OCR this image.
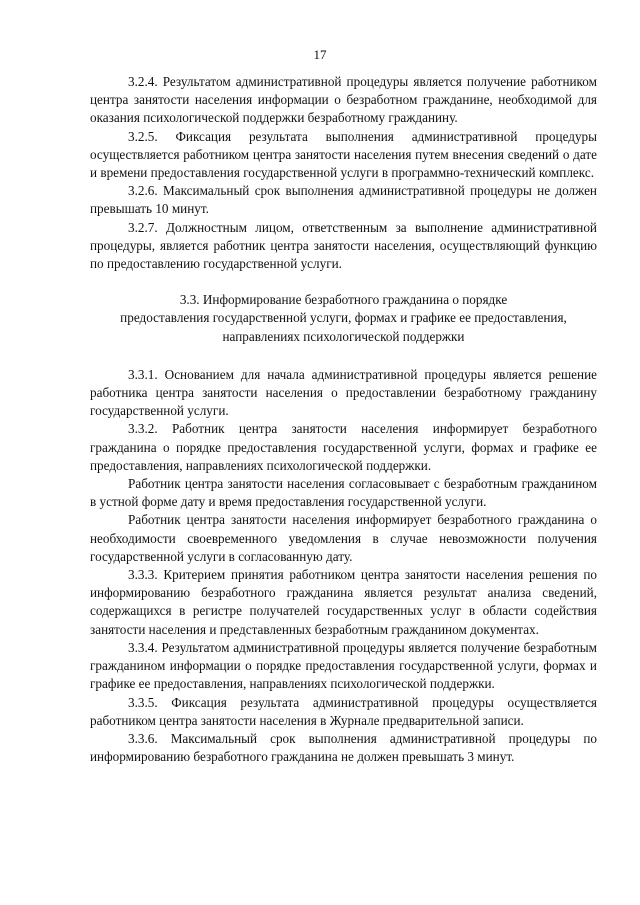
17

3.2.4. Результатом административной процедуры является получение работником центра занятости населения информации о безработном гражданине, необходимой для оказания психологической поддержки безработному гражданину.

3.2.5. Фиксация результата выполнения административной процедуры осуществляется работником центра занятости населения путем внесения сведений о дате и времени предоставления государственной услуги в программно-технический комплекс.

3.2.6. Максимальный срок выполнения административной процедуры не должен превышать 10 минут.

3.2.7. Должностным лицом, ответственным за выполнение административной процедуры, является работник центра занятости населения, осуществляющий функцию по предоставлению государственной услуги.

3.3. Информирование безработного гражданина о порядке
предоставления государственной услуги, формах и графике ее предоставления,
направлениях психологической поддержки

3.3.1. Основанием для начала административной процедуры является решение работника центра занятости населения о предоставлении безработному гражданину государственной услуги.

3.3.2. Работник центра занятости населения информирует безработного гражданина о порядке предоставления государственной услуги, формах и графике ее предоставления, направлениях психологической поддержки.

Работник центра занятости населения согласовывает с безработным гражданином в устной форме дату и время предоставления государственной услуги.

Работник центра занятости населения информирует безработного гражданина о необходимости своевременного уведомления в случае невозможности получения государственной услуги в согласованную дату.

3.3.3. Критерием принятия работником центра занятости населения решения по информированию безработного гражданина является результат анализа сведений, содержащихся в регистре получателей государственных услуг в области содействия занятости населения и представленных безработным гражданином документах.

3.3.4. Результатом административной процедуры является получение безработным гражданином информации о порядке предоставления государственной услуги, формах и графике ее предоставления, направлениях психологической поддержки.

3.3.5. Фиксация результата административной процедуры осуществляется работником центра занятости населения в Журнале предварительной записи.

3.3.6. Максимальный срок выполнения административной процедуры по информированию безработного гражданина не должен превышать 3 минут.
